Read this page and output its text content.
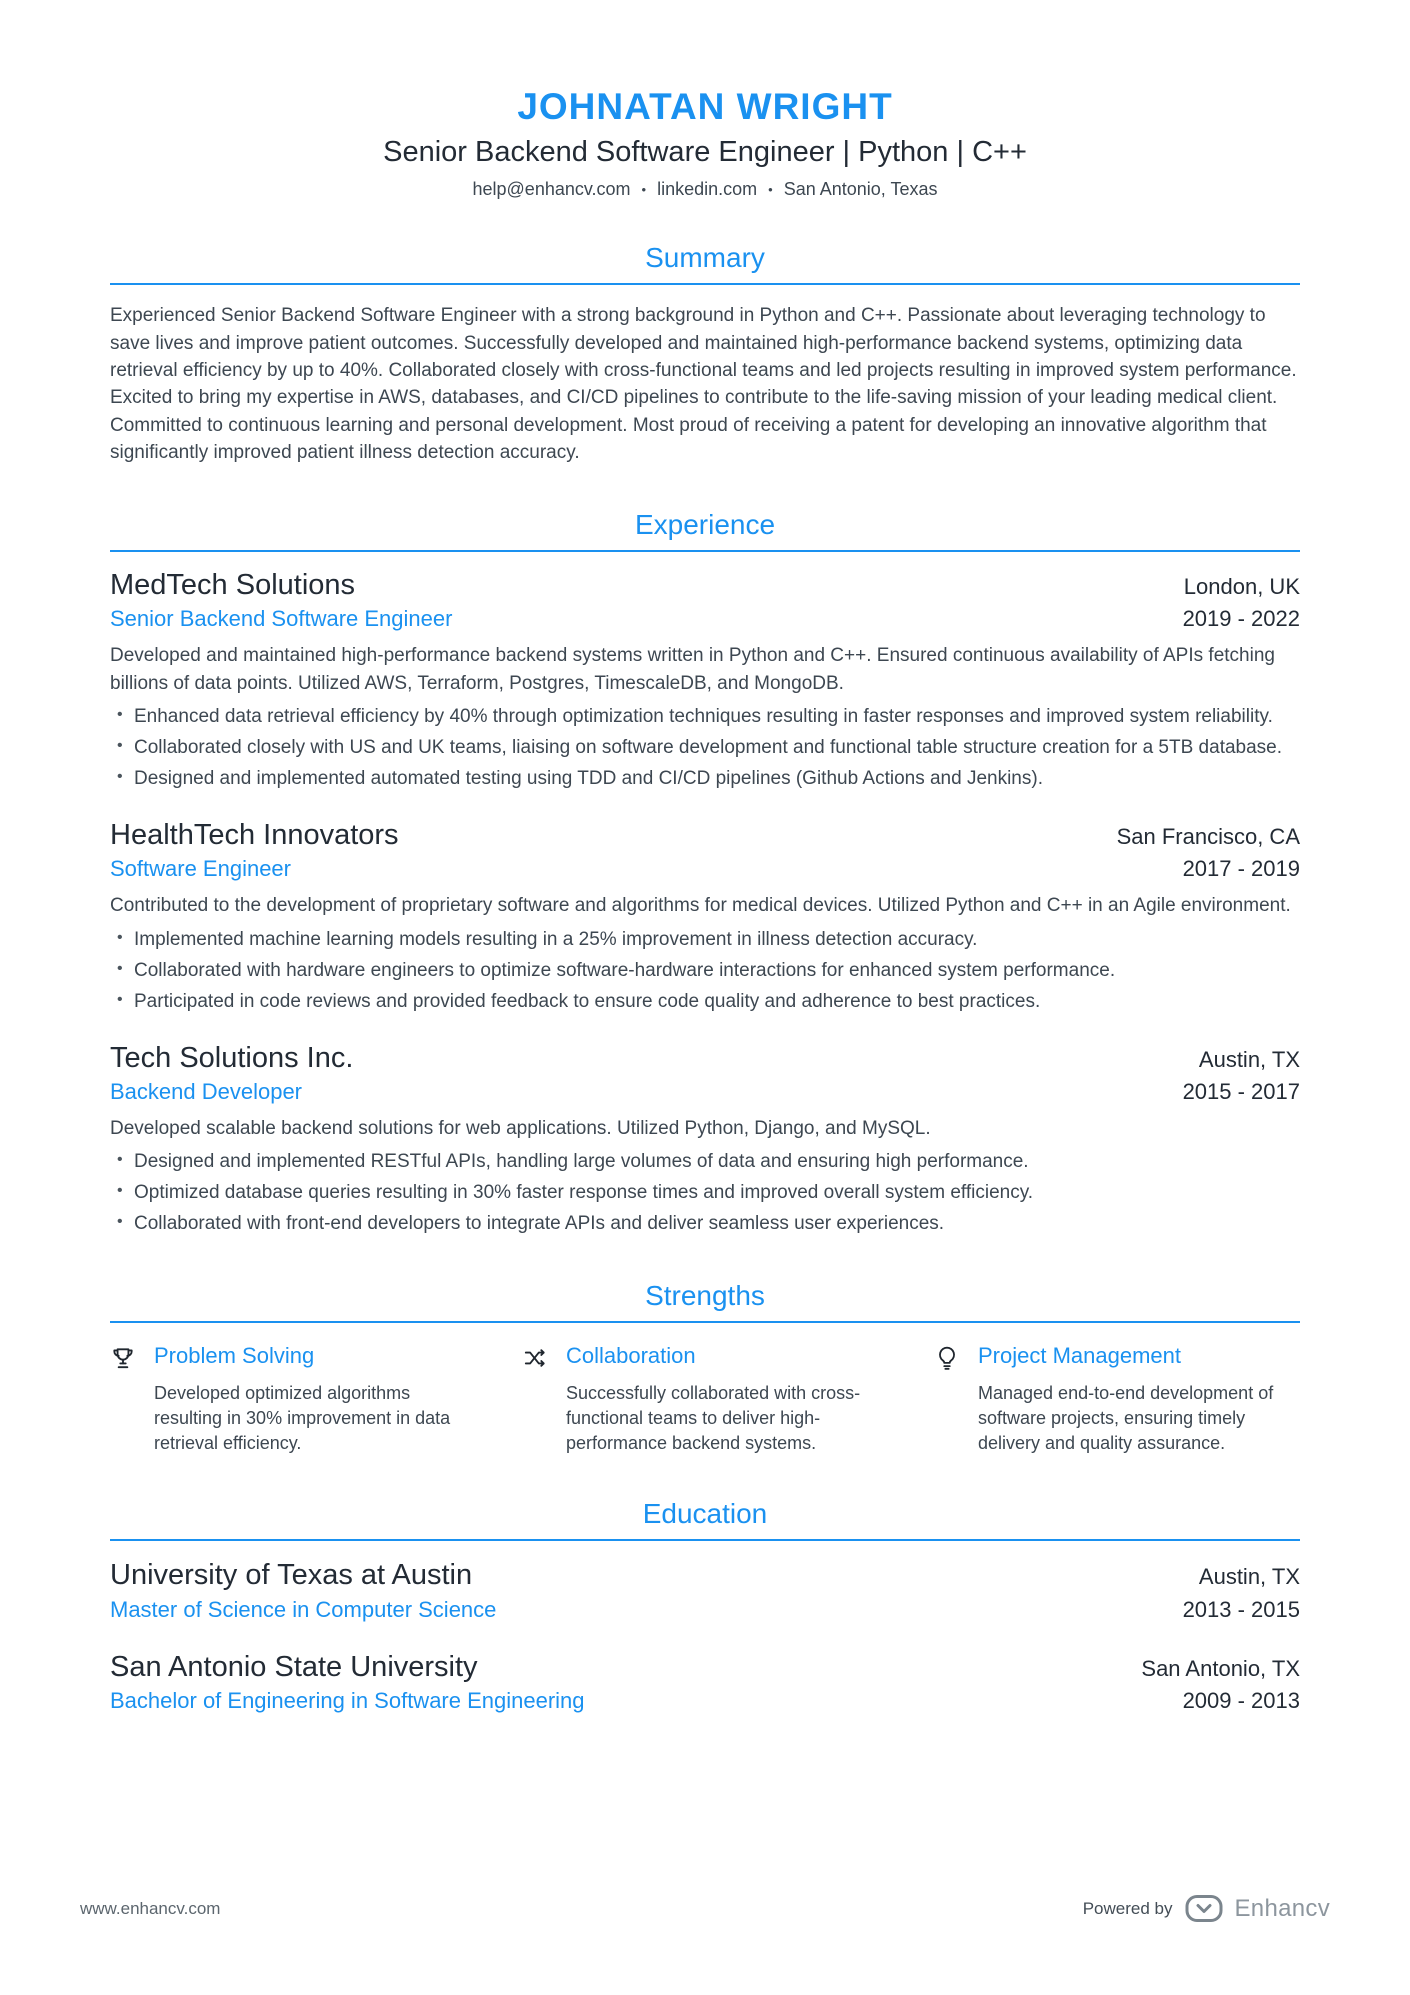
JOHNATAN WRIGHT
Senior Backend Software Engineer | Python | C++
help@enhancv.com • linkedin.com • San Antonio, Texas
Summary

Experienced Senior Backend Software Engineer with a strong background in Python and C++. Passionate about leveraging technology to save lives and improve patient outcomes. Successfully developed and maintained high-performance backend systems, optimizing data retrieval efficiency by up to 40%. Collaborated closely with cross-functional teams and led projects resulting in improved system performance. Excited to bring my expertise in AWS, databases, and CI/CD pipelines to contribute to the life-saving mission of your leading medical client. Committed to continuous learning and personal development. Most proud of receiving a patent for developing an innovative algorithm that significantly improved patient illness detection accuracy.

Experience
MedTech Solutions	London, UK
Senior Backend Software Engineer	2019 - 2022

Developed and maintained high-performance backend systems written in Python and C++. Ensured continuous availability of APIs fetching billions of data points. Utilized AWS, Terraform, Postgres, TimescaleDB, and MongoDB.

• Enhanced data retrieval efficiency by 40% through optimization techniques resulting in faster responses and improved system reliability.
• Collaborated closely with US and UK teams, liaising on software development and functional table structure creation for a 5TB database.
• Designed and implemented automated testing using TDD and CI/CD pipelines (Github Actions and Jenkins).
HealthTech Innovators	San Francisco, CA
Software Engineer	2017 - 2019

Contributed to the development of proprietary software and algorithms for medical devices. Utilized Python and C++ in an Agile environment.

• Implemented machine learning models resulting in a 25% improvement in illness detection accuracy.
• Collaborated with hardware engineers to optimize software-hardware interactions for enhanced system performance.
• Participated in code reviews and provided feedback to ensure code quality and adherence to best practices.
Tech Solutions Inc.	Austin, TX
Backend Developer	2015 - 2017

Developed scalable backend solutions for web applications. Utilized Python, Django, and MySQL.

• Designed and implemented RESTful APIs, handling large volumes of data and ensuring high performance.
• Optimized database queries resulting in 30% faster response times and improved overall system efficiency.
• Collaborated with front-end developers to integrate APIs and deliver seamless user experiences.
Strengths
Problem Solving

Developed optimized algorithms resulting in 30% improvement in data retrieval efficiency.

Collaboration

Successfully collaborated with cross-functional teams to deliver high-performance backend systems.

Project Management

Managed end-to-end development of software projects, ensuring timely delivery and quality assurance.

Education
University of Texas at Austin	Austin, TX
Master of Science in Computer Science	2013 - 2015
San Antonio State University	San Antonio, TX
Bachelor of Engineering in Software Engineering	2009 - 2013
www.enhancv.com	Powered by	Enhancv
